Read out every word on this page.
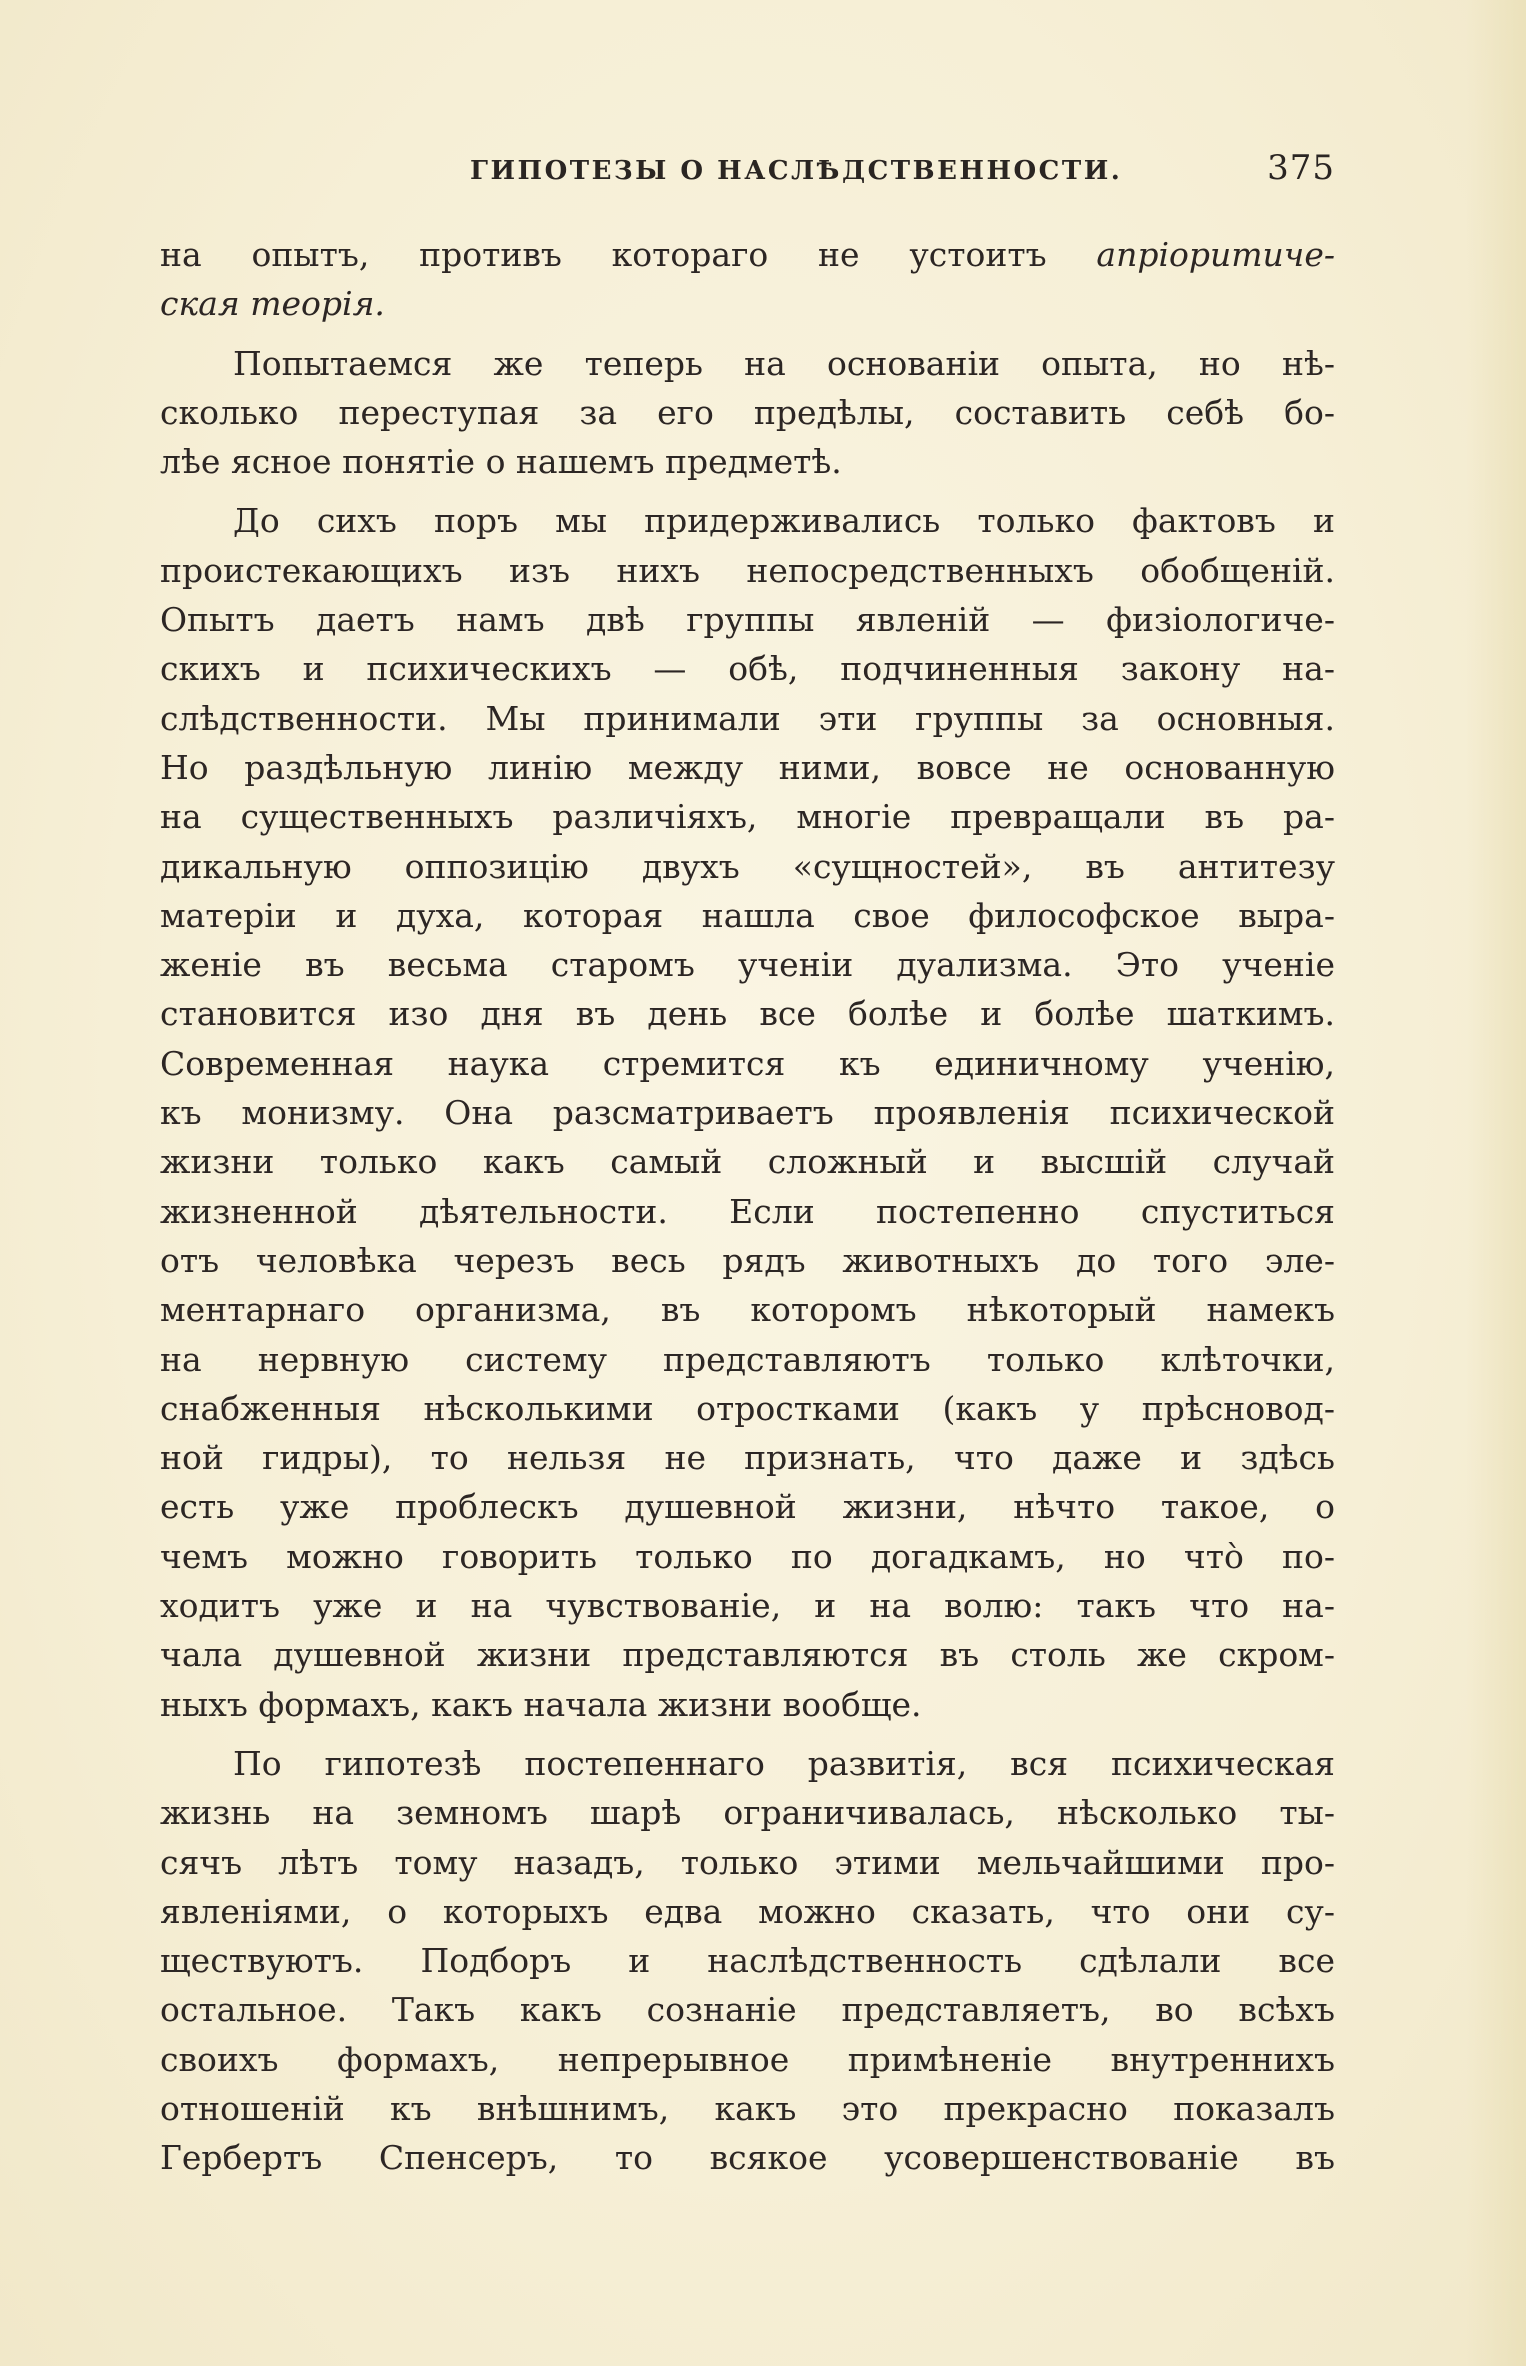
ГИПОТЕЗЫ О НАСЛѢДСТВЕННОСТИ.	375
на опытъ, противъ котораго не устоитъ апріоритиче-
ская теорія.
Попытаемся же теперь на основаніи опыта, но нѣ-
сколько переступая за его предѣлы, составить себѣ бо-
лѣе ясное понятіе о нашемъ предметѣ.
До сихъ поръ мы придерживались только фактовъ и
проистекающихъ изъ нихъ непосредственныхъ обобщеній.
Опытъ даетъ намъ двѣ группы явленій — физіологиче-
скихъ и психическихъ — обѣ, подчиненныя закону на-
слѣдственности. Мы принимали эти группы за основныя.
Но раздѣльную линію между ними, вовсе не основанную
на существенныхъ различіяхъ, многіе превращали въ ра-
дикальную оппозицію двухъ «сущностей», въ антитезу
матеріи и духа, которая нашла свое философское выра-
женіе въ весьма старомъ ученіи дуализма. Это ученіе
становится изо дня въ день все болѣе и болѣе шаткимъ.
Современная наука стремится къ единичному ученію,
къ монизму. Она разсматриваетъ проявленія психической
жизни только какъ самый сложный и высшій случай
жизненной дѣятельности. Если постепенно спуститься
отъ человѣка черезъ весь рядъ животныхъ до того эле-
ментарнаго организма, въ которомъ нѣкоторый намекъ
на нервную систему представляютъ только клѣточки,
снабженныя нѣсколькими отростками (какъ у прѣсновод-
ной гидры), то нельзя не признать, что даже и здѣсь
есть уже проблескъ душевной жизни, нѣчто такое, о
чемъ можно говорить только по догадкамъ, но что̀ по-
ходитъ уже и на чувствованіе, и на волю: такъ что на-
чала душевной жизни представляются въ столь же скром-
ныхъ формахъ, какъ начала жизни вообще.
По гипотезѣ постепеннаго развитія, вся психическая
жизнь на земномъ шарѣ ограничивалась, нѣсколько ты-
сячъ лѣтъ тому назадъ, только этими мельчайшими про-
явленіями, о которыхъ едва можно сказать, что они су-
ществуютъ. Подборъ и наслѣдственность сдѣлали все
остальное. Такъ какъ сознаніе представляетъ, во всѣхъ
своихъ формахъ, непрерывное примѣненіе внутреннихъ
отношеній къ внѣшнимъ, какъ это прекрасно показалъ
Гербертъ Спенсеръ, то всякое усовершенствованіе въ
